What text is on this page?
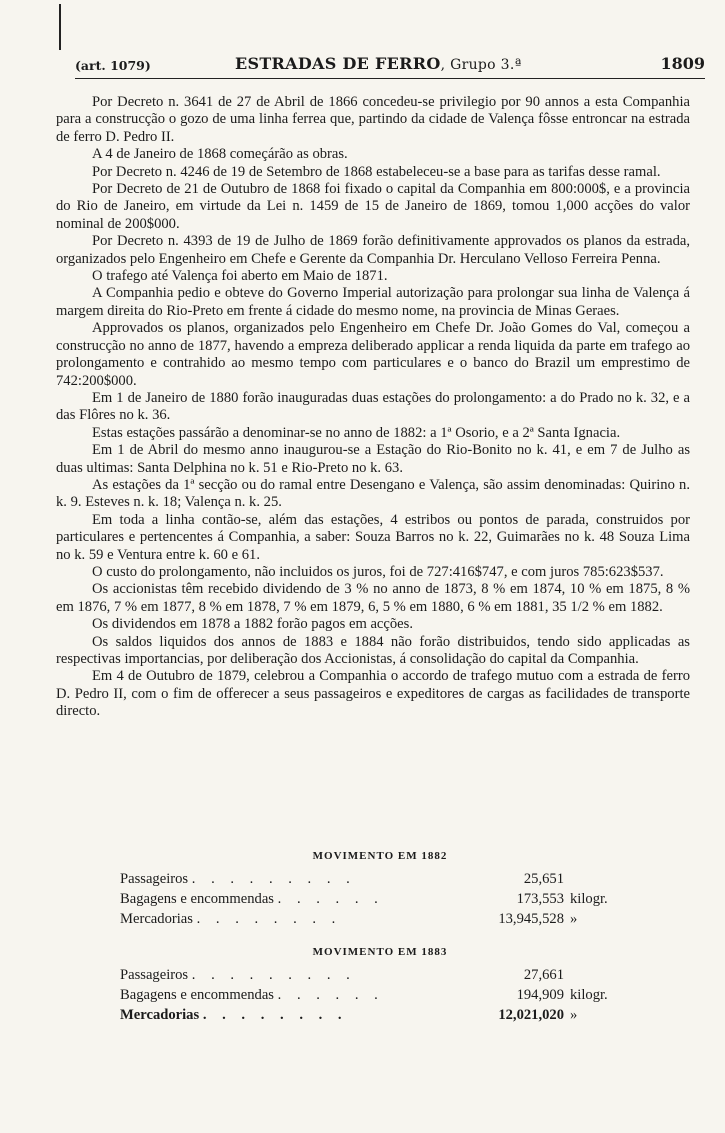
(art. 1079)	ESTRADAS DE FERRO, Grupo 3.ª	1809

Por Decreto n. 3641 de 27 de Abril de 1866 concedeu-se privilegio por 90 annos a esta Companhia para a construcção o gozo de uma linha ferrea que, partindo da cidade de Valença fôsse entroncar na estrada de ferro D. Pedro II.

A 4 de Janeiro de 1868 começárão as obras.

Por Decreto n. 4246 de 19 de Setembro de 1868 estabeleceu-se a base para as tarifas desse ramal.

Por Decreto de 21 de Outubro de 1868 foi fixado o capital da Companhia em 800:000$, e a provincia do Rio de Janeiro, em virtude da Lei n. 1459 de 15 de Janeiro de 1869, tomou 1,000 acções do valor nominal de 200$000.

Por Decreto n. 4393 de 19 de Julho de 1869 forão definitivamente approvados os planos da estrada, organizados pelo Engenheiro em Chefe e Gerente da Companhia Dr. Herculano Velloso Ferreira Penna.

O trafego até Valença foi aberto em Maio de 1871.

A Companhia pedio e obteve do Governo Imperial autorização para prolongar sua linha de Valença á margem direita do Rio-Preto em frente á cidade do mesmo nome, na provincia de Minas Geraes.

Approvados os planos, organizados pelo Engenheiro em Chefe Dr. João Gomes do Val, começou a construcção no anno de 1877, havendo a empreza deliberado applicar a renda liquida da parte em trafego ao prolongamento e contrahido ao mesmo tempo com particulares e o banco do Brazil um emprestimo de 742:200$000.

Em 1 de Janeiro de 1880 forão inauguradas duas estações do prolongamento: a do Prado no k. 32, e a das Flôres no k. 36.

Estas estações passárão a denominar-se no anno de 1882: a 1ª Osorio, e a 2ª Santa Ignacia.

Em 1 de Abril do mesmo anno inaugurou-se a Estação do Rio-Bonito no k. 41, e em 7 de Julho as duas ultimas: Santa Delphina no k. 51 e Rio-Preto no k. 63.

As estações da 1ª secção ou do ramal entre Desengano e Valença, são assim denominadas: Quirino n. k. 9. Esteves n. k. 18; Valença n. k. 25.

Em toda a linha contão-se, além das estações, 4 estribos ou pontos de parada, construidos por particulares e pertencentes á Companhia, a saber: Souza Barros no k. 22, Guimarães no k. 48 Souza Lima no k. 59 e Ventura entre k. 60 e 61.

O custo do prolongamento, não incluidos os juros, foi de 727:416$747, e com juros 785:623$537.

Os accionistas têm recebido dividendo de 3 % no anno de 1873, 8 % em 1874, 10 % em 1875, 8 % em 1876, 7 % em 1877, 8 % em 1878, 7 % em 1879, 6, 5 % em 1880, 6 % em 1881, 35 1/2 % em 1882.

Os dividendos em 1878 a 1882 forão pagos em acções.

Os saldos liquidos dos annos de 1883 e 1884 não forão distribuidos, tendo sido applicadas as respectivas importancias, por deliberação dos Accionistas, á consolidação do capital da Companhia.

Em 4 de Outubro de 1879, celebrou a Companhia o accordo de trafego mutuo com a estrada de ferro D. Pedro II, com o fim de offerecer a seus passageiros e expeditores de cargas as facilidades de transporte directo.

MOVIMENTO EM 1882
Passageiros . . . . . . . . .	25,651
Bagagens e encommendas . . . . . .	173,553 kilogr.
Mercadorias . . . . . . . .	13,945,528 »
MOVIMENTO EM 1883
Passageiros . . . . . . . . .	27,661
Bagagens e encommendas . . . . . .	194,909 kilogr.
Mercadorias . . . . . . . .	12,021,020 »
